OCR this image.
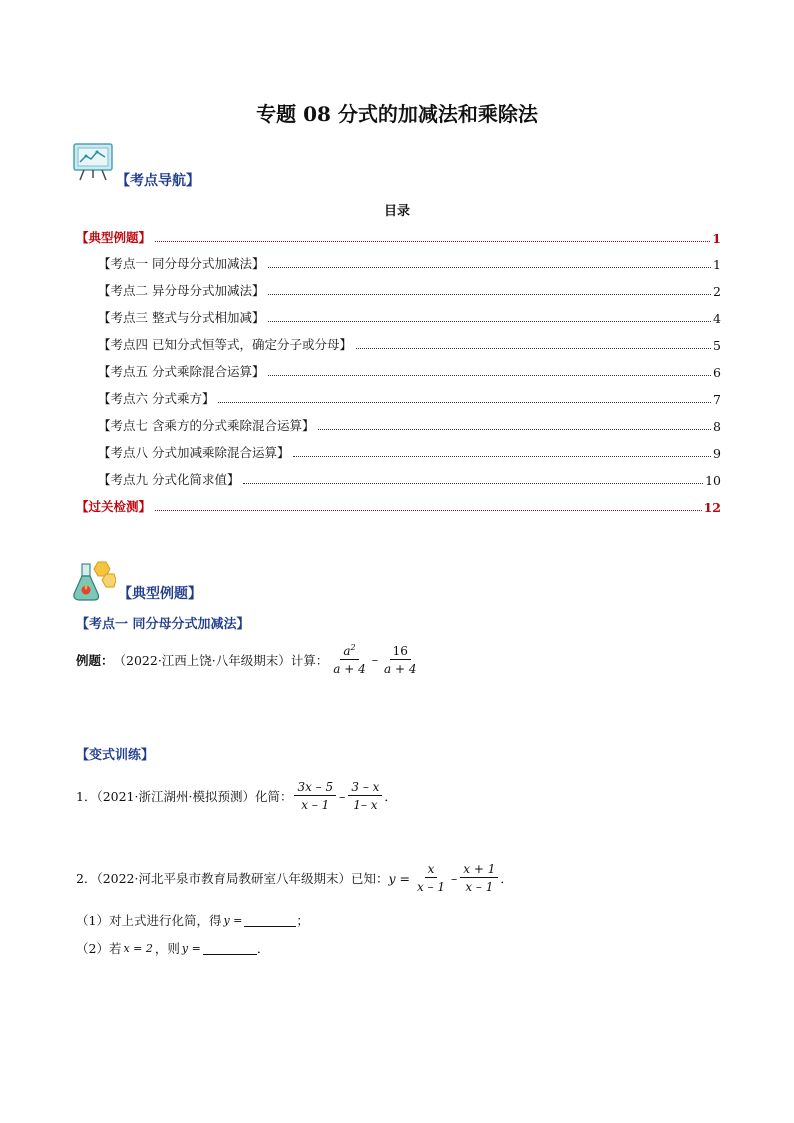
专题 08 分式的加减法和乘除法
【考点导航】
目录
【典型例题】	1
【考点一 同分母分式加减法】	1
【考点二 异分母分式加减法】	2
【考点三 整式与分式相加减】	4
【考点四 已知分式恒等式，确定分子或分母】	5
【考点五 分式乘除混合运算】	6
【考点六 分式乘方】	7
【考点七 含乘方的分式乘除混合运算】	8
【考点八 分式加减乘除混合运算】	9
【考点九 分式化简求值】	10
【过关检测】	12
【典型例题】
【考点一 同分母分式加减法】
例题： （2022·江西上饶·八年级期末）计算： $\frac{a^2}{a + 4} - \frac{16}{a + 4}$
【变式训练】
1．（2021·浙江湖州·模拟预测）化简： $\frac{3x - 5}{x - 1} - \frac{3 - x}{1- x}$ ．
2．（2022·河北平泉市教育局教研室八年级期末）已知： $y = \frac{x}{x - 1} - \frac{x + 1}{x - 1}$ ．
（1）对上式进行化简，得 y =	；
（2）若 x = 2 ，则 y =	．
